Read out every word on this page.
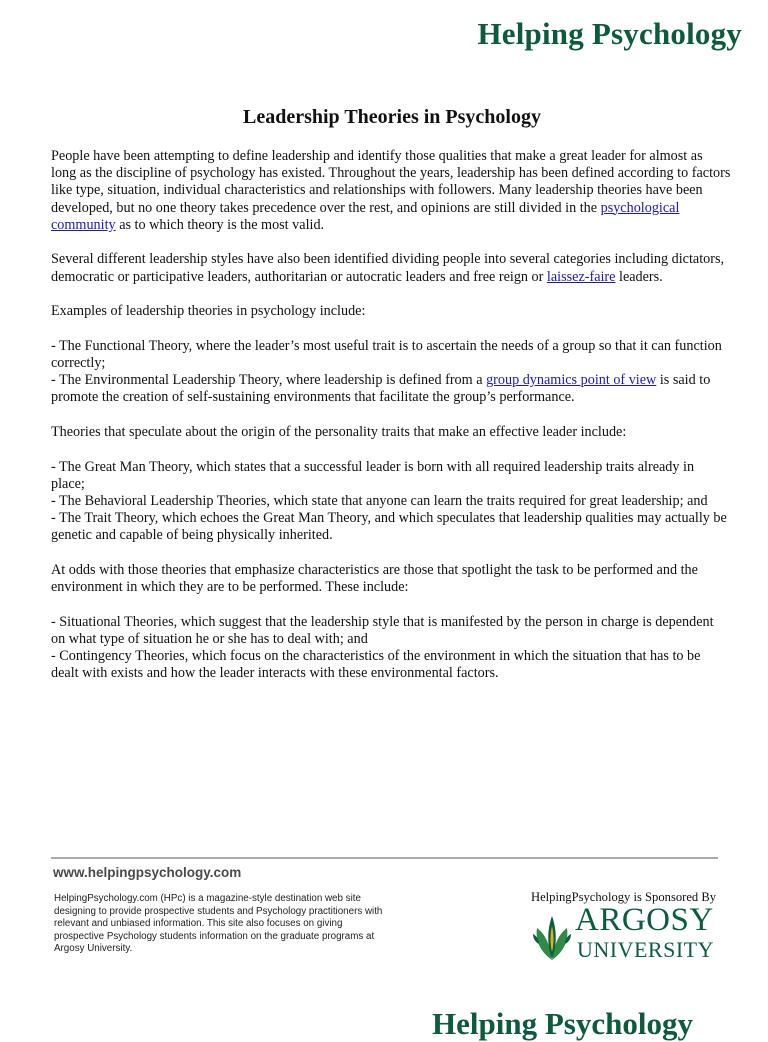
Helping Psychology
Leadership Theories in Psychology

People have been attempting to define leadership and identify those qualities that make a great leader for almost as long as the discipline of psychology has existed. Throughout the years, leadership has been defined according to factors like type, situation, individual characteristics and relationships with followers. Many leadership theories have been developed, but no one theory takes precedence over the rest, and opinions are still divided in the psychological community as to which theory is the most valid.

Several different leadership styles have also been identified dividing people into several categories including dictators, democratic or participative leaders, authoritarian or autocratic leaders and free reign or laissez-faire leaders.

Examples of leadership theories in psychology include:

- The Functional Theory, where the leader’s most useful trait is to ascertain the needs of a group so that it can function correctly;
- The Environmental Leadership Theory, where leadership is defined from a group dynamics point of view is said to promote the creation of self-sustaining environments that facilitate the group’s performance.

Theories that speculate about the origin of the personality traits that make an effective leader include:

- The Great Man Theory, which states that a successful leader is born with all required leadership traits already in place;
- The Behavioral Leadership Theories, which state that anyone can learn the traits required for great leadership; and
- The Trait Theory, which echoes the Great Man Theory, and which speculates that leadership qualities may actually be genetic and capable of being physically inherited.

At odds with those theories that emphasize characteristics are those that spotlight the task to be performed and the environment in which they are to be performed. These include:

- Situational Theories, which suggest that the leadership style that is manifested by the person in charge is dependent on what type of situation he or she has to deal with; and
- Contingency Theories, which focus on the characteristics of the environment in which the situation that has to be dealt with exists and how the leader interacts with these environmental factors.

www.helpingpsychology.com
HelpingPsychology.com (HPc) is a magazine-style destination web site designing to provide prospective students and Psychology practitioners with relevant and unbiased information. This site also focuses on giving prospective Psychology students information on the graduate programs at Argosy University.
HelpingPsychology is Sponsored By
ARGOSY
UNIVERSITY
Helping Psychology
